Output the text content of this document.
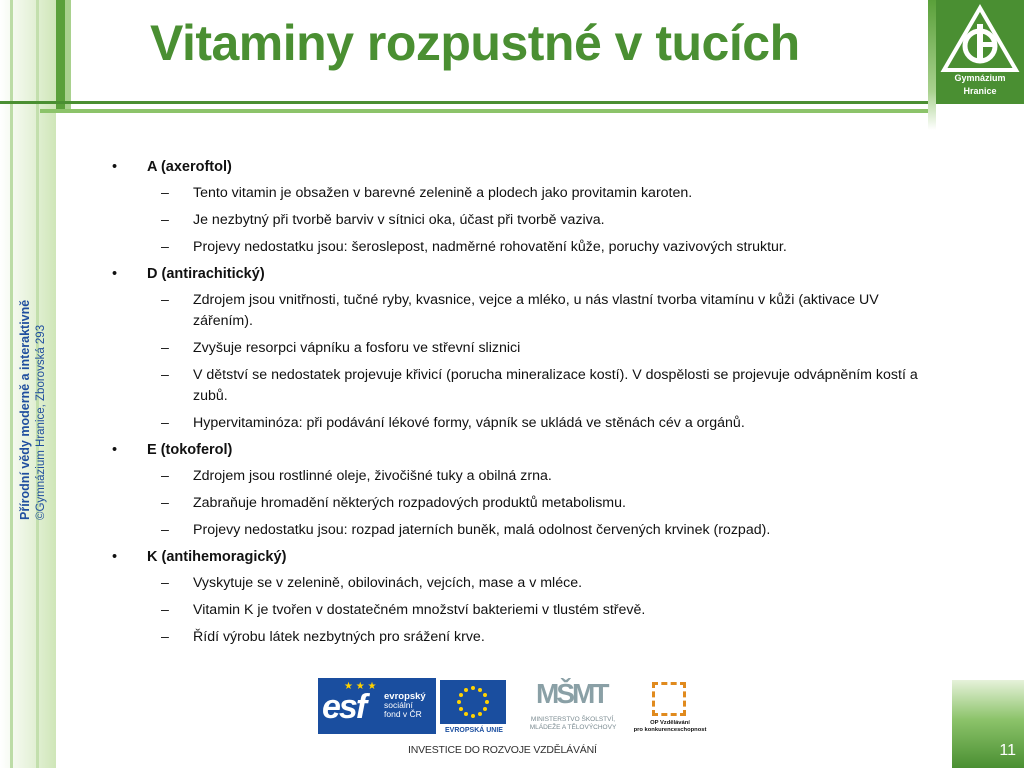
Gymnázium
Hranice
Vitaminy rozpustné v tucích
Přírodní vědy moderně a interaktivně ©Gymnázium Hranice, Zborovská 293
• A (axeroftol)
– Tento vitamin je obsažen v barevné zelenině a plodech jako provitamin karoten.
– Je nezbytný při tvorbě barviv v sítnici oka, účast při tvorbě vaziva.
– Projevy nedostatku jsou: šeroslepost, nadměrné rohovatění kůže, poruchy vazivových struktur.
• D (antirachitický)
– Zdrojem jsou vnitřnosti, tučné ryby, kvasnice, vejce a mléko, u nás vlastní tvorba vitamínu v kůži (aktivace UV zářením).
– Zvyšuje resorpci vápníku a fosforu ve střevní sliznici
– V dětství se nedostatek projevuje křivicí (porucha mineralizace kostí). V dospělosti se projevuje odvápněním kostí a zubů.
– Hypervitaminóza: při podávání lékové formy, vápník se ukládá ve stěnách cév a orgánů.
• E (tokoferol)
– Zdrojem jsou rostlinné oleje, živočišné tuky a obilná zrna.
– Zabraňuje hromadění některých rozpadových produktů metabolismu.
– Projevy nedostatku jsou: rozpad jaterních buněk, malá odolnost červených krvinek (rozpad).
• K (antihemoragický)
– Vyskytuje se v zelenině, obilovinách, vejcích, mase a v mléce.
– Vitamin K je tvořen v dostatečném množství bakteriemi v tlustém střevě.
– Řídí výrobu látek nezbytných pro srážení krve.
★ ★ ★
esf evropský
sociální
fond v ČR
EVROPSKÁ UNIE
MŠMT
MINISTERSTVO ŠKOLSTVÍ,
MLÁDEŽE A TĚLOVÝCHOVY
OP Vzdělávání
pro konkurenceschopnost
INVESTICE DO ROZVOJE VZDĚLÁVÁNÍ	11
